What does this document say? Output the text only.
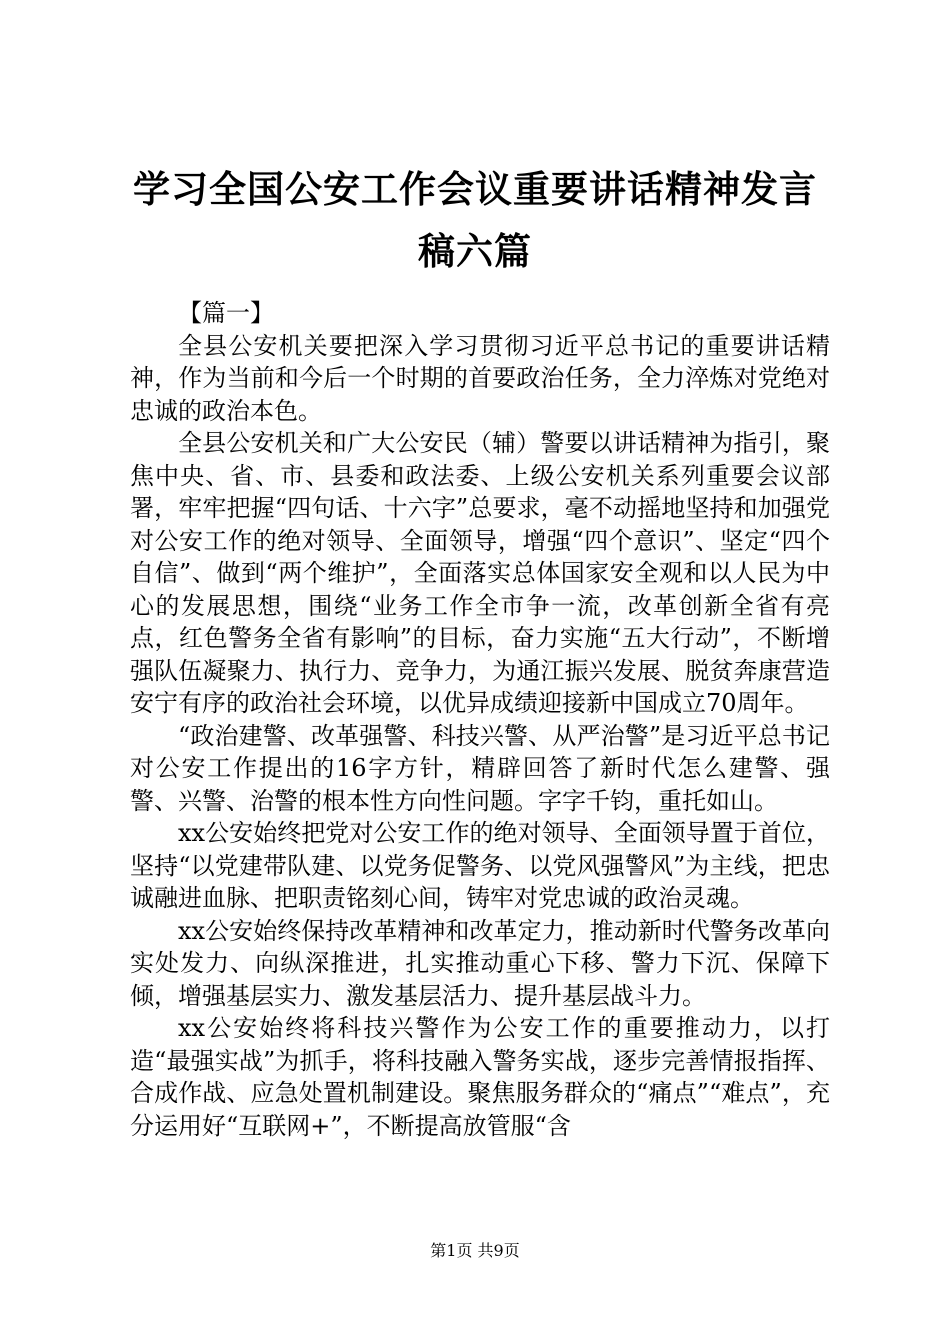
学习全国公安工作会议重要讲话精神发言稿六篇

【篇一】

全县公安机关要把深入学习贯彻习近平总书记的重要讲话精神，作为当前和今后一个时期的首要政治任务，全力淬炼对党绝对忠诚的政治本色。

全县公安机关和广大公安民（辅）警要以讲话精神为指引，聚焦中央、省、市、县委和政法委、上级公安机关系列重要会议部署，牢牢把握“四句话、十六字”总要求，毫不动摇地坚持和加强党对公安工作的绝对领导、全面领导，增强“四个意识”、坚定“四个自信”、做到“两个维护”，全面落实总体国家安全观和以人民为中心的发展思想，围绕“业务工作全市争一流，改革创新全省有亮点，红色警务全省有影响”的目标，奋力实施“五大行动”，不断增强队伍凝聚力、执行力、竞争力，为通江振兴发展、脱贫奔康营造安宁有序的政治社会环境，以优异成绩迎接新中国成立70周年。

“政治建警、改革强警、科技兴警、从严治警”是习近平总书记对公安工作提出的16字方针，精辟回答了新时代怎么建警、强警、兴警、治警的根本性方向性问题。字字千钧，重托如山。

xx公安始终把党对公安工作的绝对领导、全面领导置于首位，坚持“以党建带队建、以党务促警务、以党风强警风”为主线，把忠诚融进血脉、把职责铭刻心间，铸牢对党忠诚的政治灵魂。

xx公安始终保持改革精神和改革定力，推动新时代警务改革向实处发力、向纵深推进，扎实推动重心下移、警力下沉、保障下倾，增强基层实力、激发基层活力、提升基层战斗力。

xx公安始终将科技兴警作为公安工作的重要推动力，以打造“最强实战”为抓手，将科技融入警务实战，逐步完善情报指挥、合成作战、应急处置机制建设。聚焦服务群众的“痛点”“难点”，充分运用好“互联网+”，不断提高放管服“含

第1页 共9页
